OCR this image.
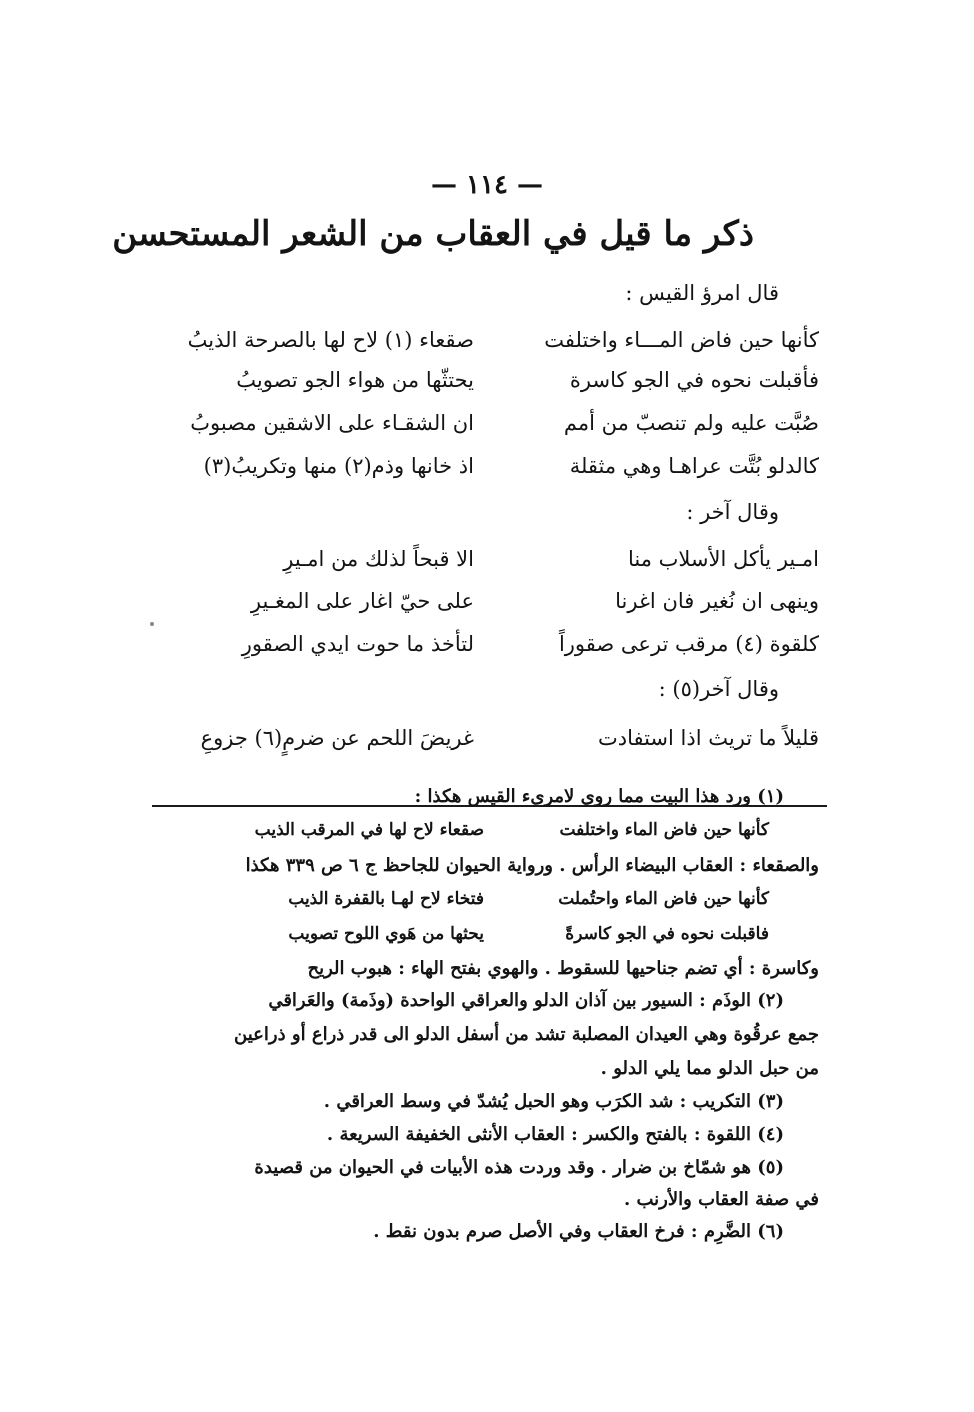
— ١١٤ —
ذكر ما قيل في العقاب من الشعر المستحسن
قال امرؤ القيس :
كأنها حين فاض المـــاء واختلفت
صقعاء (١) لاح لها بالصرحة الذيبُ
فأقبلت نحوه في الجو كاسرة
يحتثّها من هواء الجو تصويبُ
صُبَّت عليه ولم تنصبّ من أمم
ان الشقـاء على الاشقين مصبوبُ
كالدلو بُتَّت عراهـا وهي مثقلة
اذ خانها وذم(٢) منها وتكريبُ(٣)
وقال آخر :
امـير يأكل الأسلاب منا
الا قبحاً لذلك من امـيرِ
وينهى ان نُغير فان اغرنا
على حيّ اغار على المغـيرِ
كلقوة (٤) مرقب ترعى صقوراً
لتأخذ ما حوت ايدي الصقورِ
وقال آخر(٥) :
قليلاً ما تريث اذا استفادت
غريضَ اللحم عن ضرمٍ(٦) جزوعِ
(١) ورد هذا البيت مما روي لامرىء القيس هكذا :
كأنها حين فاض الماء واختلفت
صقعاء لاح لها في المرقب الذيب
والصقعاء : العقاب البيضاء الرأس . ورواية الحيوان للجاحظ ج ٦ ص ٣٣٩ هكذا
كأنها حين فاض الماء واحتُملت
فتخاء لاح لهـا بالقفرة الذيب
فاقبلت نحوه في الجو كاسرةً
يحثها من هَوي اللوح تصويب
وكاسرة : أي تضم جناحيها للسقوط . والهوي بفتح الهاء : هبوب الريح
(٢) الوذَم : السيور بين آذان الدلو والعراقي الواحدة (وذَمة) والعَراقي
جمع عرقُوة وهي العيدان المصلبة تشد من أسفل الدلو الى قدر ذراع أو ذراعين
من حبل الدلو مما يلي الدلو .
(٣) التكريب : شد الكرَب وهو الحبل يُشدّ في وسط العراقي .
(٤) اللقوة : بالفتح والكسر : العقاب الأنثى الخفيفة السريعة .
(٥) هو شمّاخ بن ضرار . وقد وردت هذه الأبيات في الحيوان من قصيدة
في صفة العقاب والأرنب .
(٦) الضَّرِم : فرخ العقاب وفي الأصل صرم بدون نقط .
